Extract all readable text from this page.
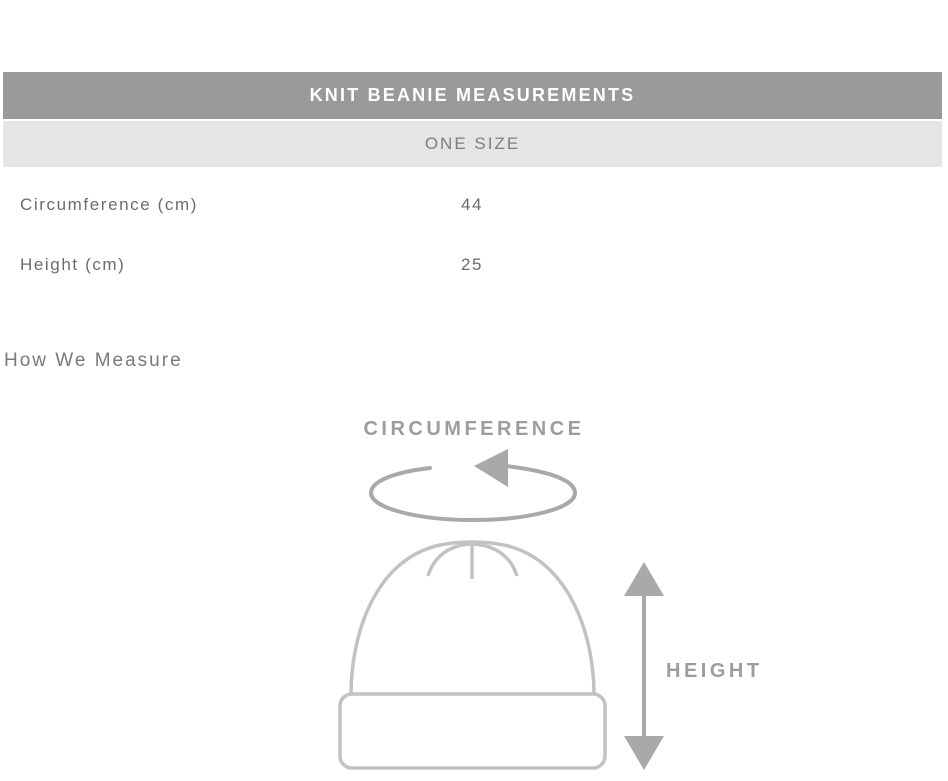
KNIT BEANIE MEASUREMENTS
ONE SIZE
Circumference (cm)	44
Height (cm)	25
How We Measure
CIRCUMFERENCE
HEIGHT
